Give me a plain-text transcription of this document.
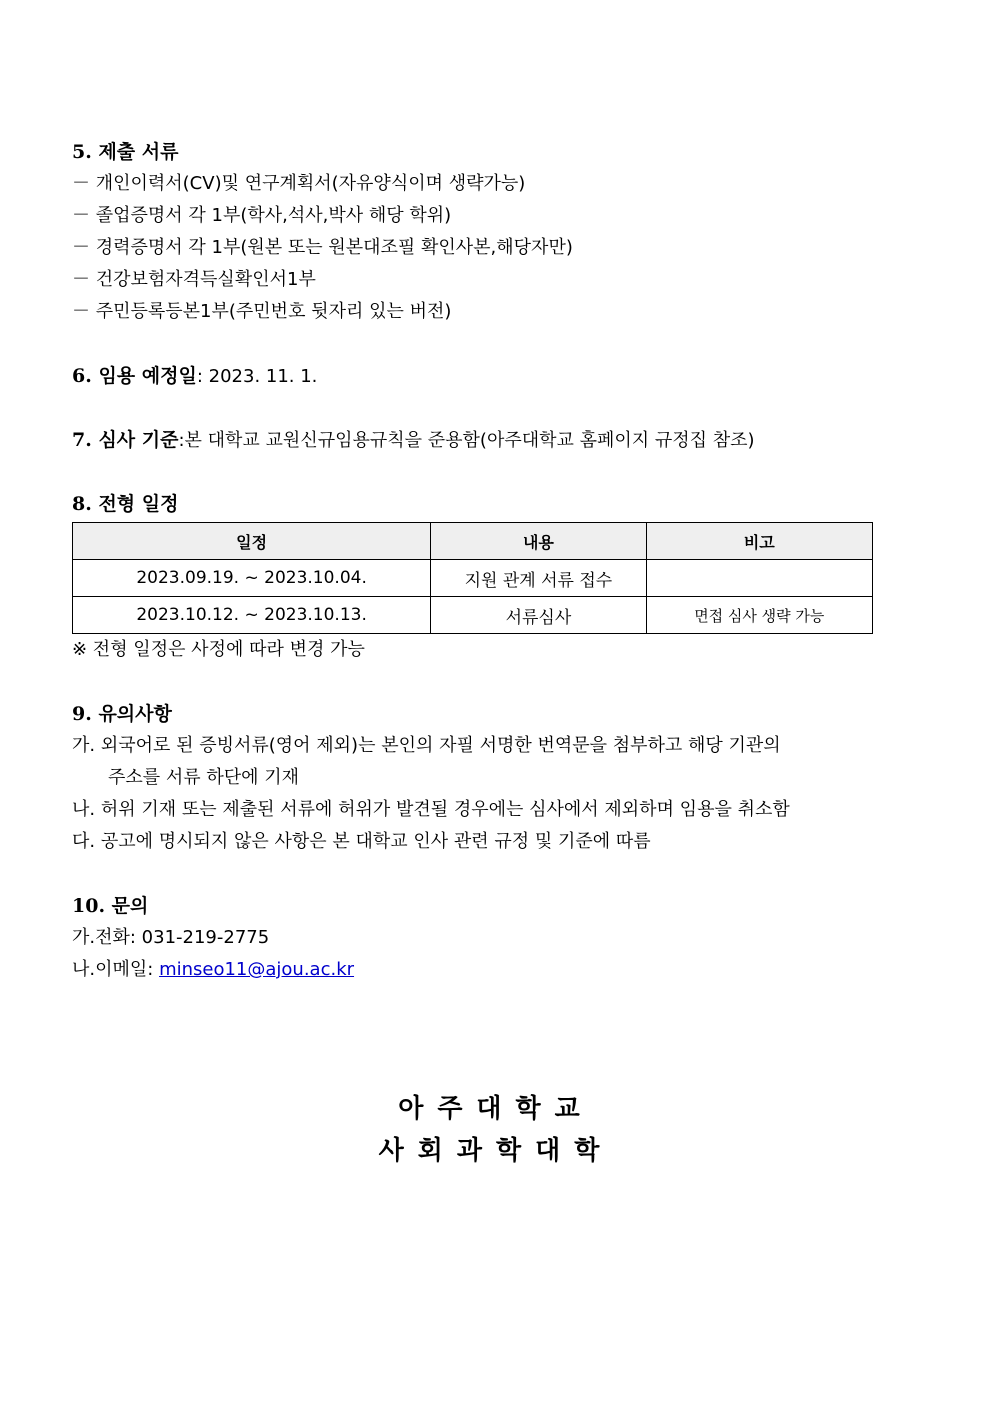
5. 제출 서류
－ 개인이력서(CV)및 연구계획서(자유양식이며 생략가능)
－ 졸업증명서 각 1부(학사,석사,박사 해당 학위)
－ 경력증명서 각 1부(원본 또는 원본대조필 확인사본,해당자만)
－ 건강보험자격득실확인서1부
－ 주민등록등본1부(주민번호 뒷자리 있는 버전)
6. 임용 예정일: 2023. 11. 1.
7. 심사 기준:본 대학교 교원신규임용규칙을 준용함(아주대학교 홈페이지 규정집 참조)
8. 전형 일정
일정	내용	비고
2023.09.19. ~ 2023.10.04.	지원 관계 서류 접수	
2023.10.12. ~ 2023.10.13.	서류심사	면접 심사 생략 가능
※ 전형 일정은 사정에 따라 변경 가능
9. 유의사항
가. 외국어로 된 증빙서류(영어 제외)는 본인의 자필 서명한 번역문을 첨부하고 해당 기관의
주소를 서류 하단에 기재
나. 허위 기재 또는 제출된 서류에 허위가 발견될 경우에는 심사에서 제외하며 임용을 취소함
다. 공고에 명시되지 않은 사항은 본 대학교 인사 관련 규정 및 기준에 따름
10. 문의
가.전화: 031-219-2775
나.이메일: minseo11@ajou.ac.kr
아주대학교
사회과학대학
